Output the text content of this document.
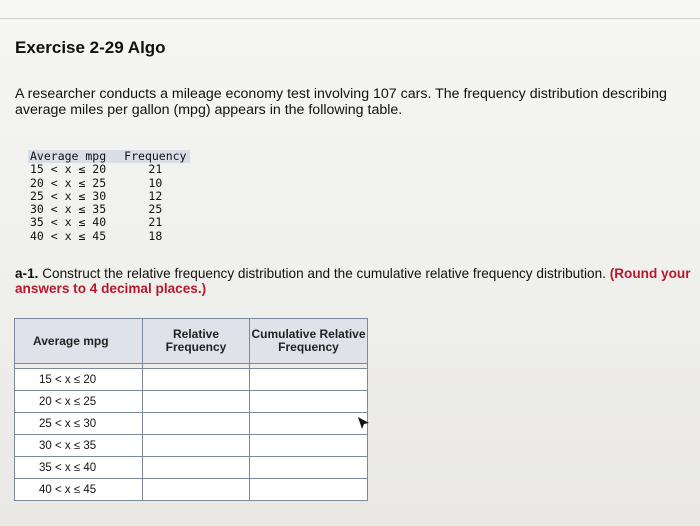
Exercise 2-29 Algo
A researcher conducts a mileage economy test involving 107 cars. The frequency distribution describing average miles per gallon (mpg) appears in the following table.
Average mpg	Frequency
15 < x ≤ 20	21
20 < x ≤ 25	10
25 < x ≤ 30	12
30 < x ≤ 35	25
35 < x ≤ 40	21
40 < x ≤ 45	18
a-1. Construct the relative frequency distribution and the cumulative relative frequency distribution. (Round your answers to 4 decimal places.)
Average mpg	Relative Frequency	Cumulative Relative Frequency

15 < x ≤ 20		
20 < x ≤ 25		
25 < x ≤ 30		
30 < x ≤ 35		
35 < x ≤ 40		
40 < x ≤ 45		
